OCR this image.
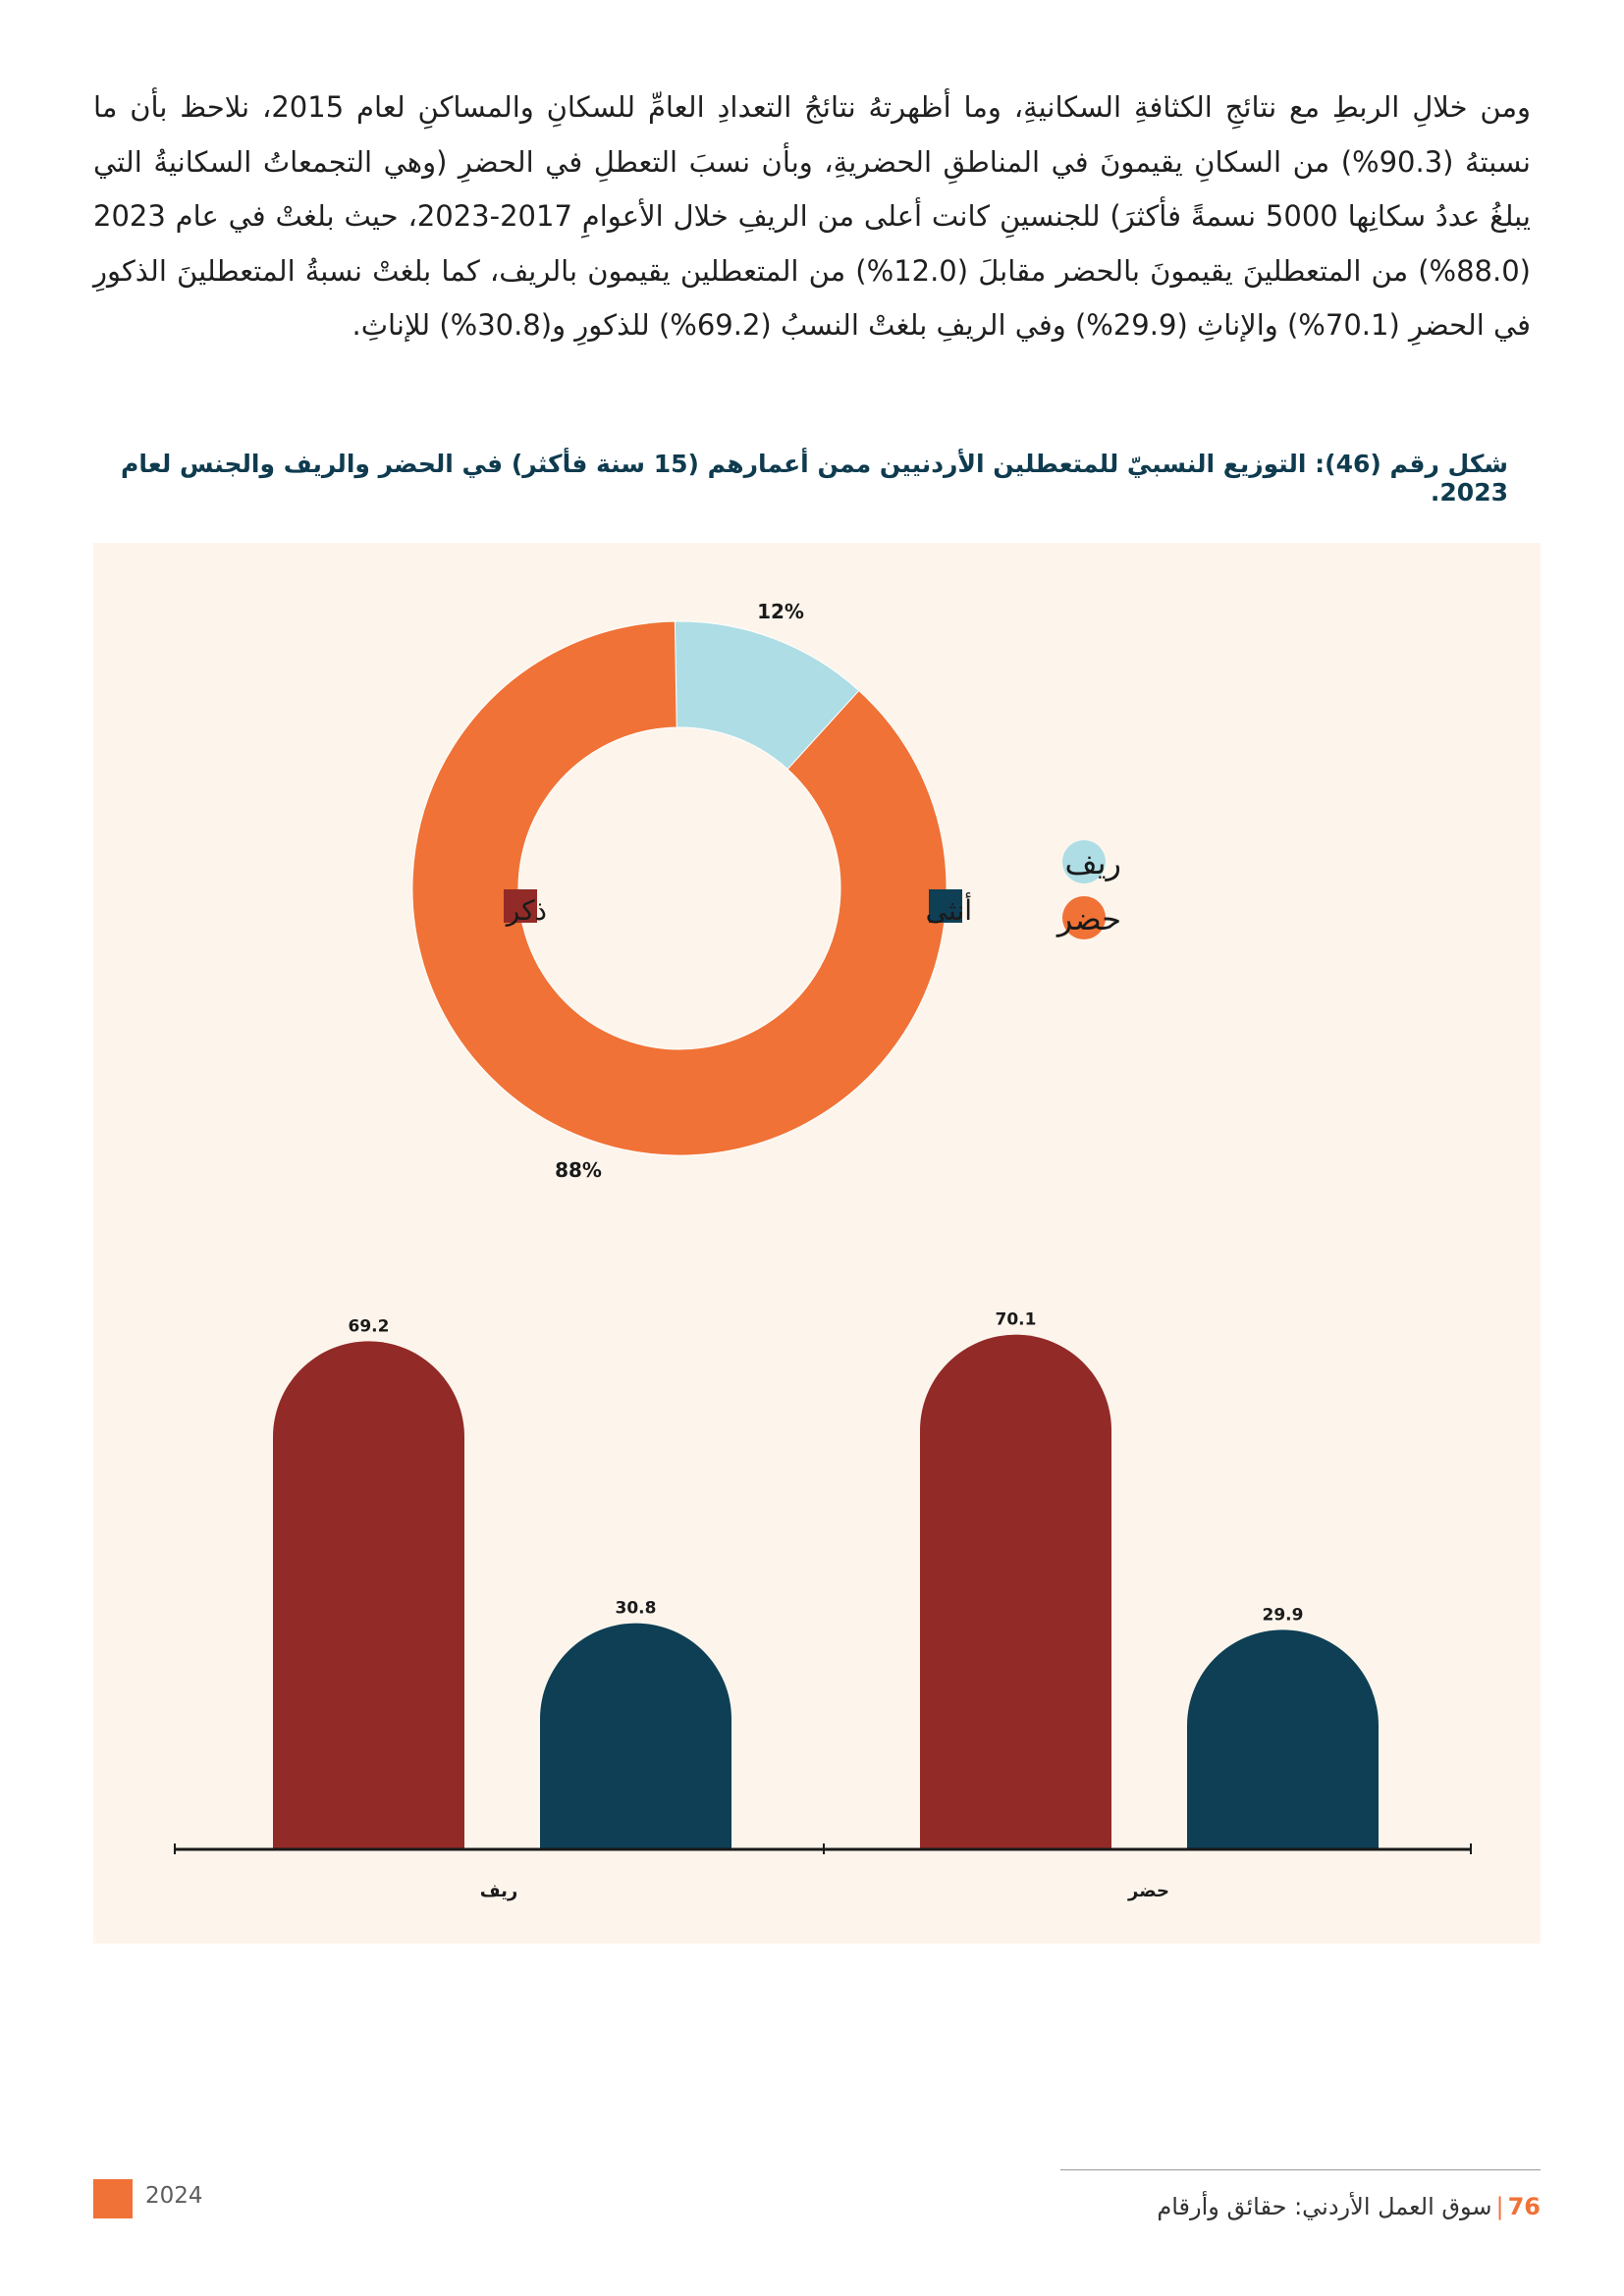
ومن خلالِ الربطِ مع نتائجِ الكثافةِ السكانيةِ، وما أظهرتهُ نتائجُ التعدادِ العامِّ للسكانِ والمساكنِ لعام 2015، نلاحظ بأن ما نسبتهُ (90.3%) من السكانِ يقيمونَ في المناطقِ الحضريةِ، وبأن نسبَ التعطلِ في الحضرِ (وهي التجمعاتُ السكانيةُ التي يبلغُ عددُ سكانِها 5000 نسمةً فأكثرَ) للجنسينِ كانت أعلى من الريفِ خلال الأعوامِ 2017-2023، حيث بلغتْ في عام 2023 (88.0%) من المتعطلينَ يقيمونَ بالحضر مقابلَ (12.0%) من المتعطلين يقيمون بالريف، كما بلغتْ نسبةُ المتعطلينَ الذكورِ في الحضرِ (70.1%) والإناثِ (29.9%) وفي الريفِ بلغتْ النسبُ (69.2%) للذكورِ و(30.8%) للإناثِ.

شكل رقم (46): التوزيع النسبيّ للمتعطلين الأردنيين ممن أعمارهم (15 سنة فأكثر) في الحضر والريف والجنس لعام 2023.

12%
88%
ريف
حضر
69.2
30.8
ريف
70.1
29.9
حضر
ذكر	أنثى
2024	76|سوق العمل الأردني: حقائق وأرقام
